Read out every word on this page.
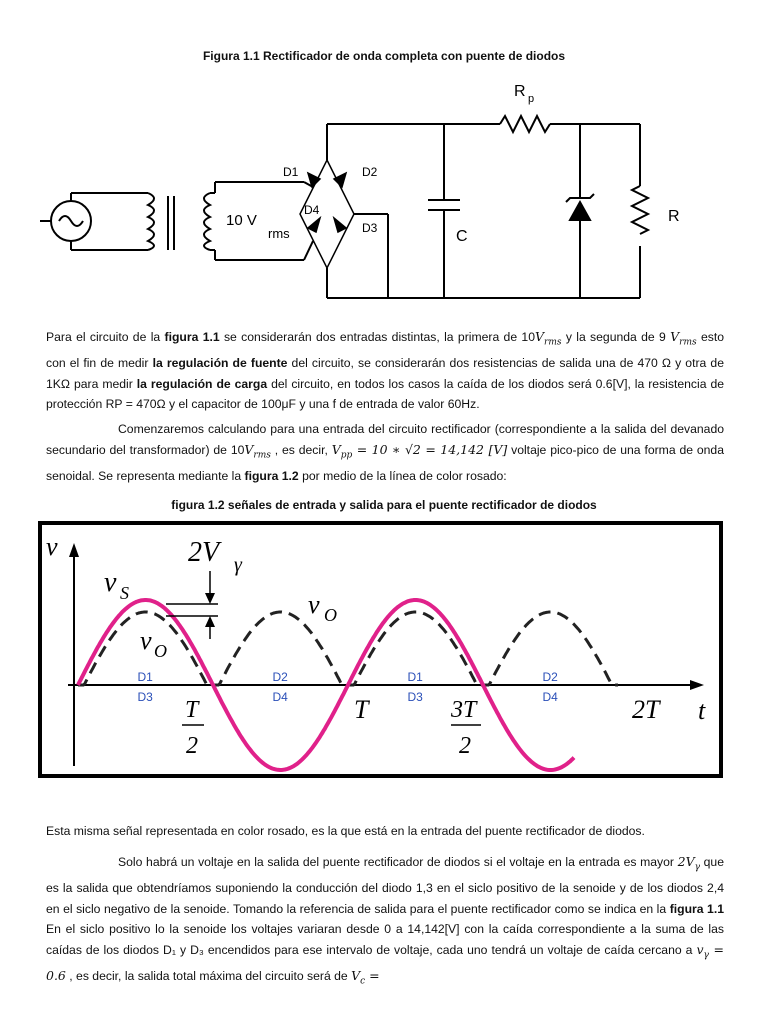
Figura 1.1 Rectificador de onda completa con puente de diodos
R p
D1	D2
D4
D3
10 V
rms	C
R
Para el circuito de la figura 1.1 se considerarán dos entradas distintas, la primera de $10V_{rms}$ y la segunda de 9 $V_{rms}$ esto con el fin de medir la regulación de fuente del circuito, se considerarán dos resistencias de salida una de 470 Ω y otra de 1KΩ para medir la regulación de carga del circuito, en todos los casos la caída de los diodos será 0.6[V], la resistencia de protección RP = 470Ω y el capacitor de 100μF y una f de entrada de valor 60Hz.
Comenzaremos calculando para una entrada del circuito rectificador (correspondiente a la salida del devanado secundario del transformador) de $10V_{rms}$ , es decir, $V_{pp} = 10$ ∗ √2 = 14,142 [V] voltaje pico-pico de una forma de onda senoidal. Se representa mediante la figura 1.2 por medio de la línea de color rosado:
figura 1.2 señales de entrada y salida para el puente rectificador de diodos
v
t
2V γ
v S
v O
v O
T
2
T	3T
2
2T
D1
D3
D2
D4
D1
D3
D2
D4
Esta misma señal representada en color rosado, es la que está en la entrada del puente rectificador de diodos.
Solo habrá un voltaje en la salida del puente rectificador de diodos si el voltaje en la entrada es mayor $2V_\gamma$ que es la salida que obtendríamos suponiendo la conducción del diodo 1,3 en el siclo positivo de la senoide y de los diodos 2,4 en el siclo negativo de la senoide. Tomando la referencia de salida para el puente rectificador como se indica en la figura 1.1 En el siclo positivo lo la senoide los voltajes variaran desde 0 a 14,142[V] con la caída correspondiente a la suma de las caídas de los diodos D₁ y D₃ encendidos para ese intervalo de voltaje, cada uno tendrá un voltaje de caída cercano a $v_\gamma = 0.6$ , es decir, la salida total máxima del circuito será de $V_c$ =
